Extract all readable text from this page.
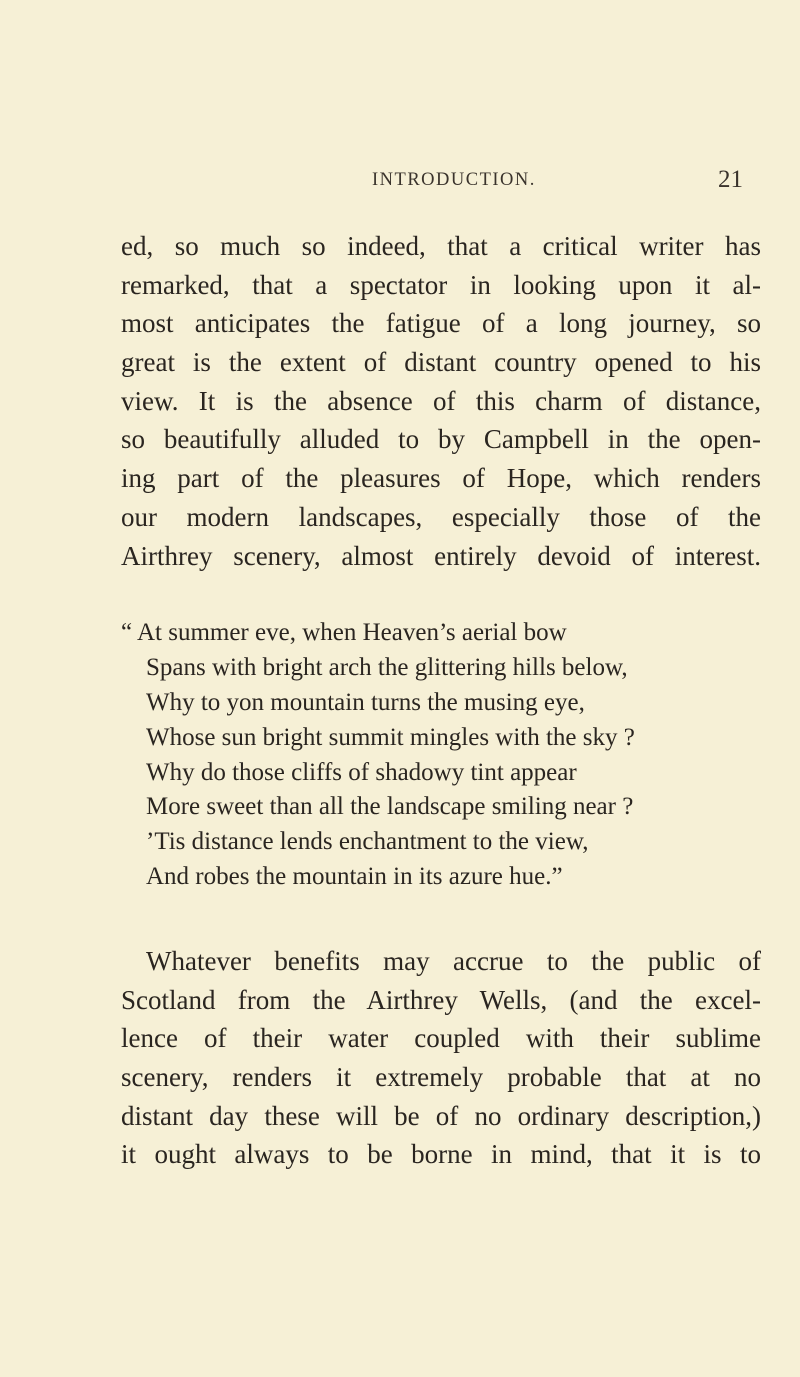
INTRODUCTION.	21
ed, so much so indeed, that a critical writer has
remarked, that a spectator in looking upon it al-
most anticipates the fatigue of a long journey, so
great is the extent of distant country opened to his
view. It is the absence of this charm of distance,
so beautifully alluded to by Campbell in the open-
ing part of the pleasures of Hope, which renders
our modern landscapes, especially those of the
Airthrey scenery, almost entirely devoid of interest.
“ At summer eve, when Heaven’s aerial bow
Spans with bright arch the glittering hills below,
Why to yon mountain turns the musing eye,
Whose sun bright summit mingles with the sky ?
Why do those cliffs of shadowy tint appear
More sweet than all the landscape smiling near ?
’Tis distance lends enchantment to the view,
And robes the mountain in its azure hue.”
Whatever benefits may accrue to the public of
Scotland from the Airthrey Wells, (and the excel-
lence of their water coupled with their sublime
scenery, renders it extremely probable that at no
distant day these will be of no ordinary description,)
it ought always to be borne in mind, that it is to
